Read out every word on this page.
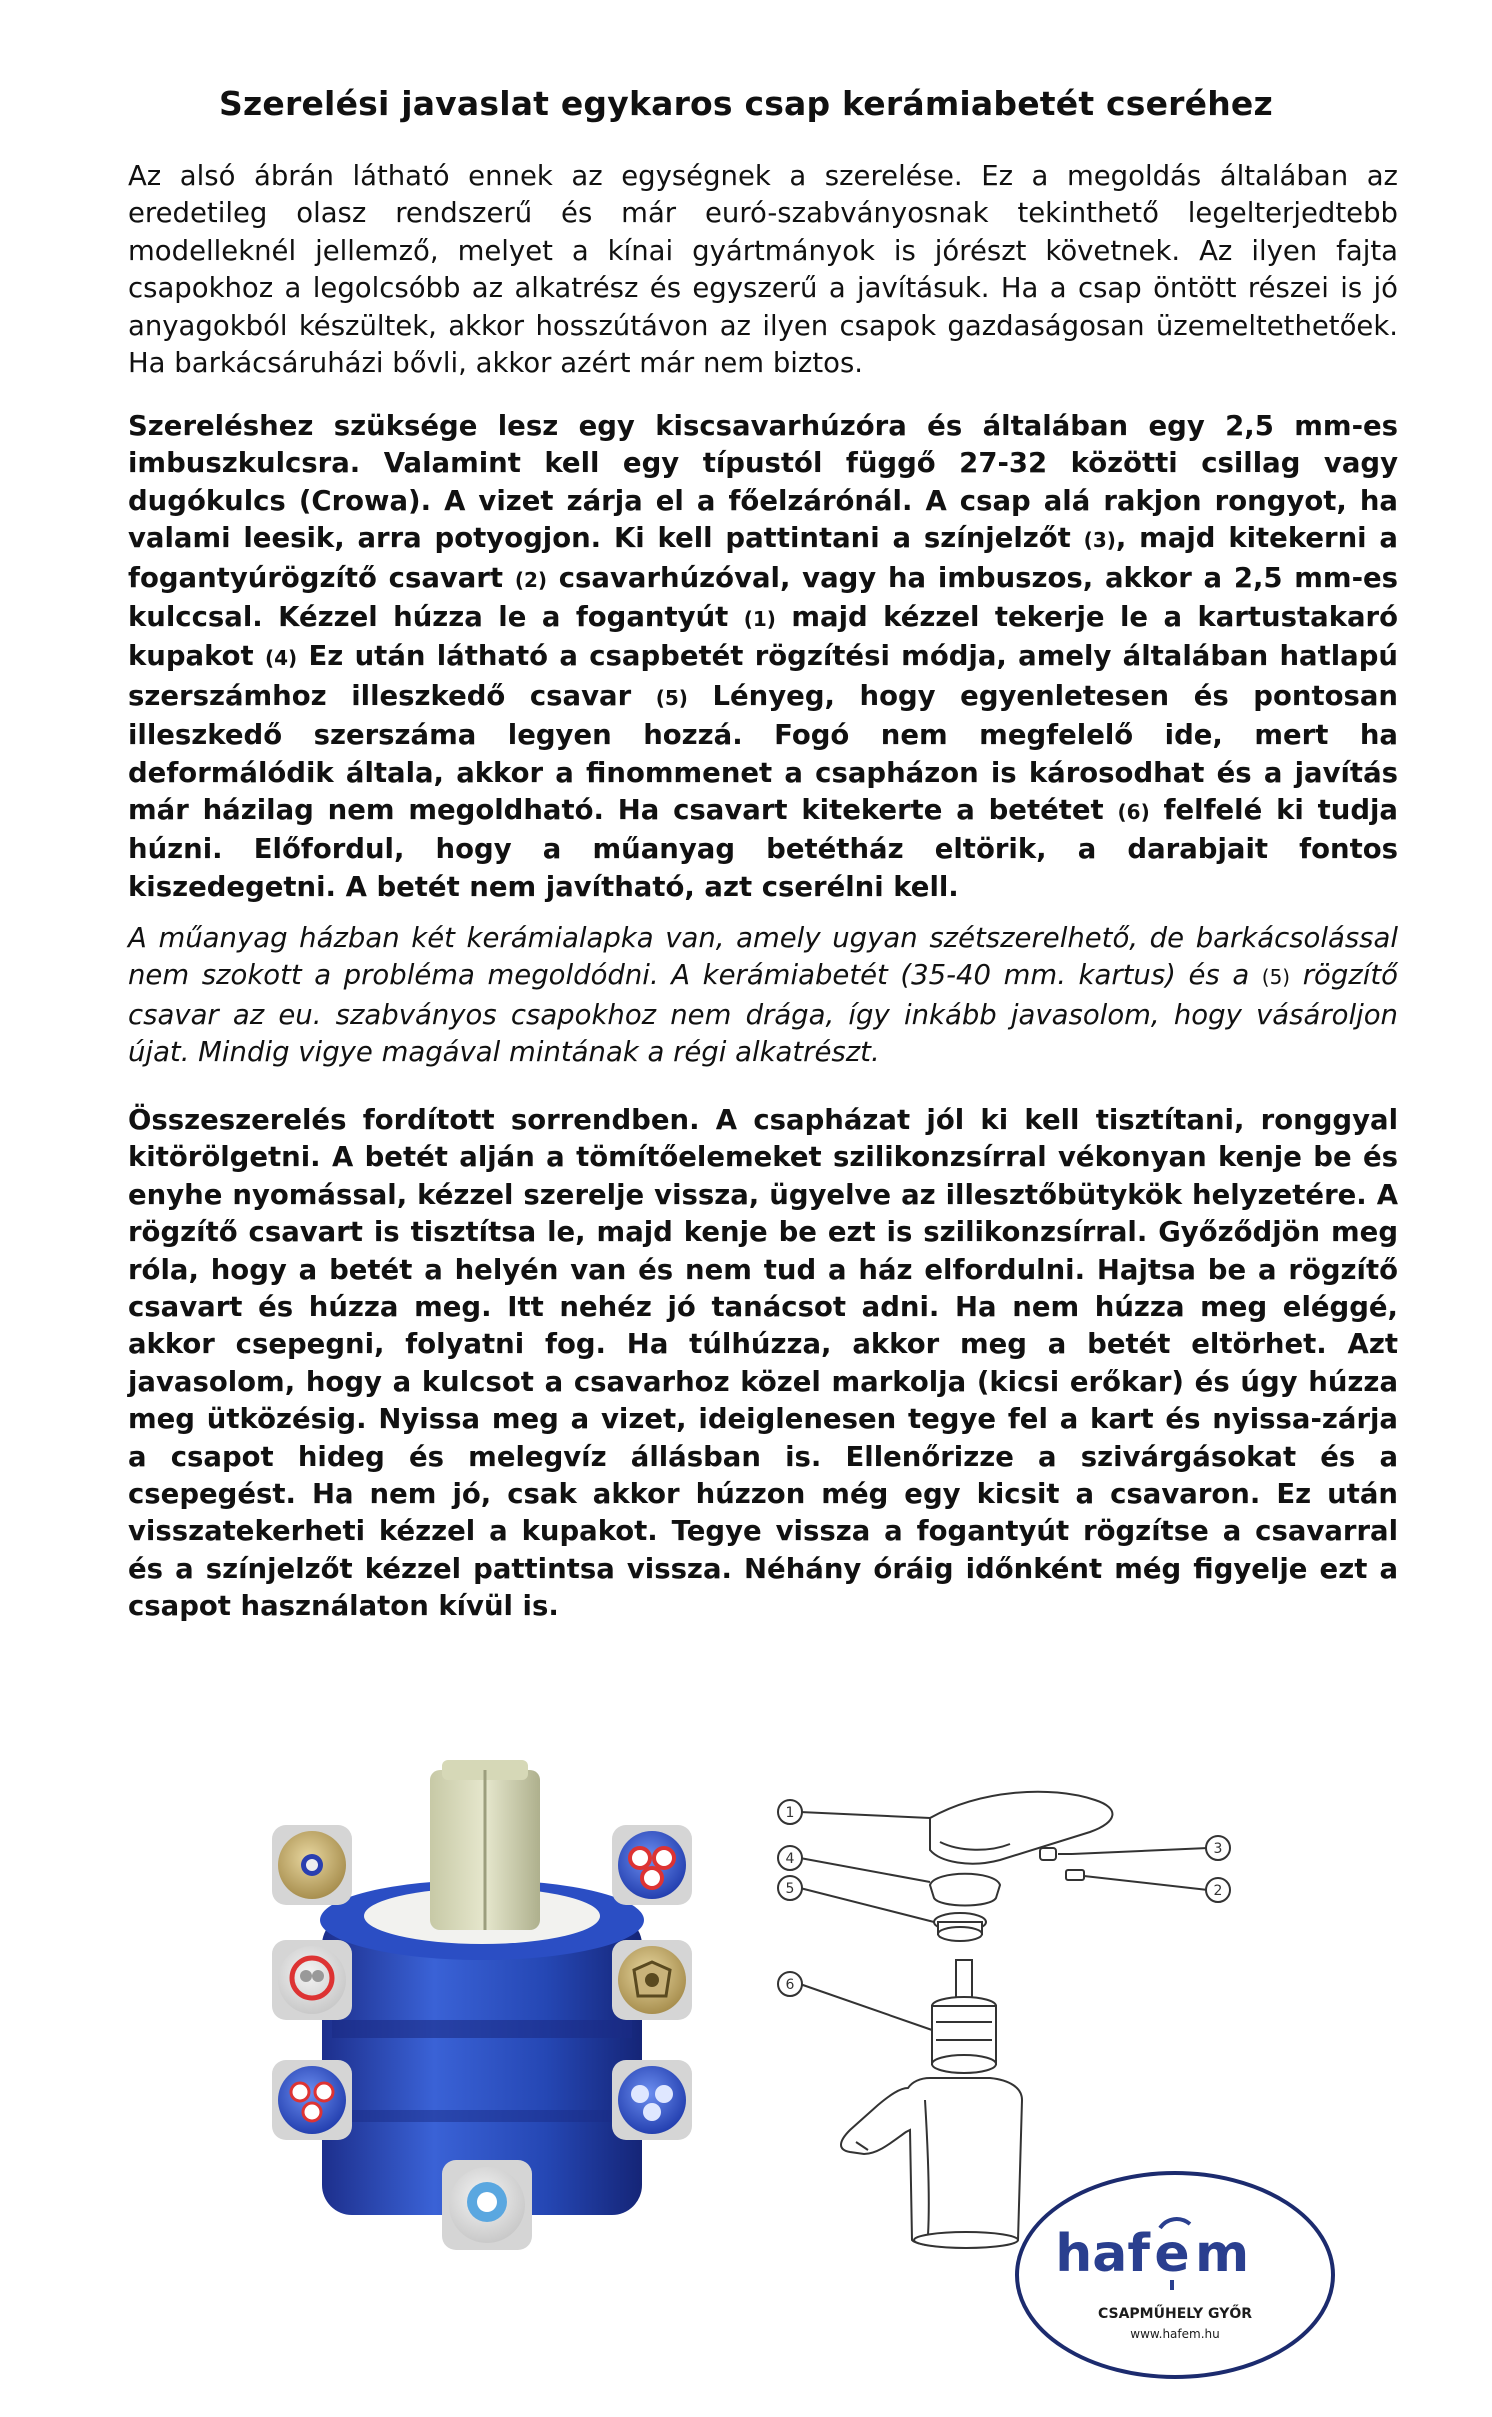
Szerelési javaslat egykaros csap kerámiabetét cseréhez

Az alsó ábrán látható ennek az egységnek a szerelése. Ez a megoldás általában az eredetileg olasz rendszerű és már euró-szabványosnak tekinthető legelterjedtebb modelleknél jellemző, melyet a kínai gyártmányok is jórészt követnek. Az ilyen fajta csapokhoz a legolcsóbb az alkatrész és egyszerű a javításuk. Ha a csap öntött részei is jó anyagokból készültek, akkor hosszútávon az ilyen csapok gazdaságosan üzemeltethetőek. Ha barkácsáruházi bővli, akkor azért már nem biztos.

Szereléshez szüksége lesz egy kiscsavarhúzóra és általában egy 2,5 mm-es imbuszkulcsra. Valamint kell egy típustól függő 27-32 közötti csillag vagy dugókulcs (Crowa). A vizet zárja el a főelzárónál. A csap alá rakjon rongyot, ha valami leesik, arra potyogjon. Ki kell pattintani a színjelzőt (3), majd kitekerni a fogantyúrögzítő csavart (2) csavarhúzóval, vagy ha imbuszos, akkor a 2,5 mm-es kulccsal. Kézzel húzza le a fogantyút (1) majd kézzel tekerje le a kartustakaró kupakot (4) Ez után látható a csapbetét rögzítési módja, amely általában hatlapú szerszámhoz illeszkedő csavar (5) Lényeg, hogy egyenletesen és pontosan illeszkedő szerszáma legyen hozzá. Fogó nem megfelelő ide, mert ha deformálódik általa, akkor a finommenet a csapházon is károsodhat és a javítás már házilag nem megoldható. Ha csavart kitekerte a betétet (6) felfelé ki tudja húzni. Előfordul, hogy a műanyag betétház eltörik, a darabjait fontos kiszedegetni. A betét nem javítható, azt cserélni kell.

A műanyag házban két kerámialapka van, amely ugyan szétszerelhető, de barkácsolással nem szokott a probléma megoldódni. A kerámiabetét (35-40 mm. kartus) és a (5) rögzítő csavar az eu. szabványos csapokhoz nem drága, így inkább javasolom, hogy vásároljon újat. Mindig vigye magával mintának a régi alkatrészt.

Összeszerelés fordított sorrendben. A csapházat jól ki kell tisztítani, ronggyal kitörölgetni. A betét alján a tömítőelemeket szilikonzsírral vékonyan kenje be és enyhe nyomással, kézzel szerelje vissza, ügyelve az illesztőbütykök helyzetére. A rögzítő csavart is tisztítsa le, majd kenje be ezt is szilikonzsírral. Győződjön meg róla, hogy a betét a helyén van és nem tud a ház elfordulni. Hajtsa be a rögzítő csavart és húzza meg. Itt nehéz jó tanácsot adni. Ha nem húzza meg eléggé, akkor csepegni, folyatni fog. Ha túlhúzza, akkor meg a betét eltörhet. Azt javasolom, hogy a kulcsot a csavarhoz közel markolja (kicsi erőkar) és úgy húzza meg ütközésig. Nyissa meg a vizet, ideiglenesen tegye fel a kart és nyissa-zárja a csapot hideg és melegvíz állásban is. Ellenőrizze a szivárgásokat és a csepegést. Ha nem jó, csak akkor húzzon még egy kicsit a csavaron. Ez után visszatekerheti kézzel a kupakot. Tegye vissza a fogantyút rögzítse a csavarral és a színjelzőt kézzel pattintsa vissza. Néhány óráig időnként még figyelje ezt a csapot használaton kívül is.

1
4
5
6
3
2
haf e m
CSAPMŰHELY GYŐR
www.hafem.hu
